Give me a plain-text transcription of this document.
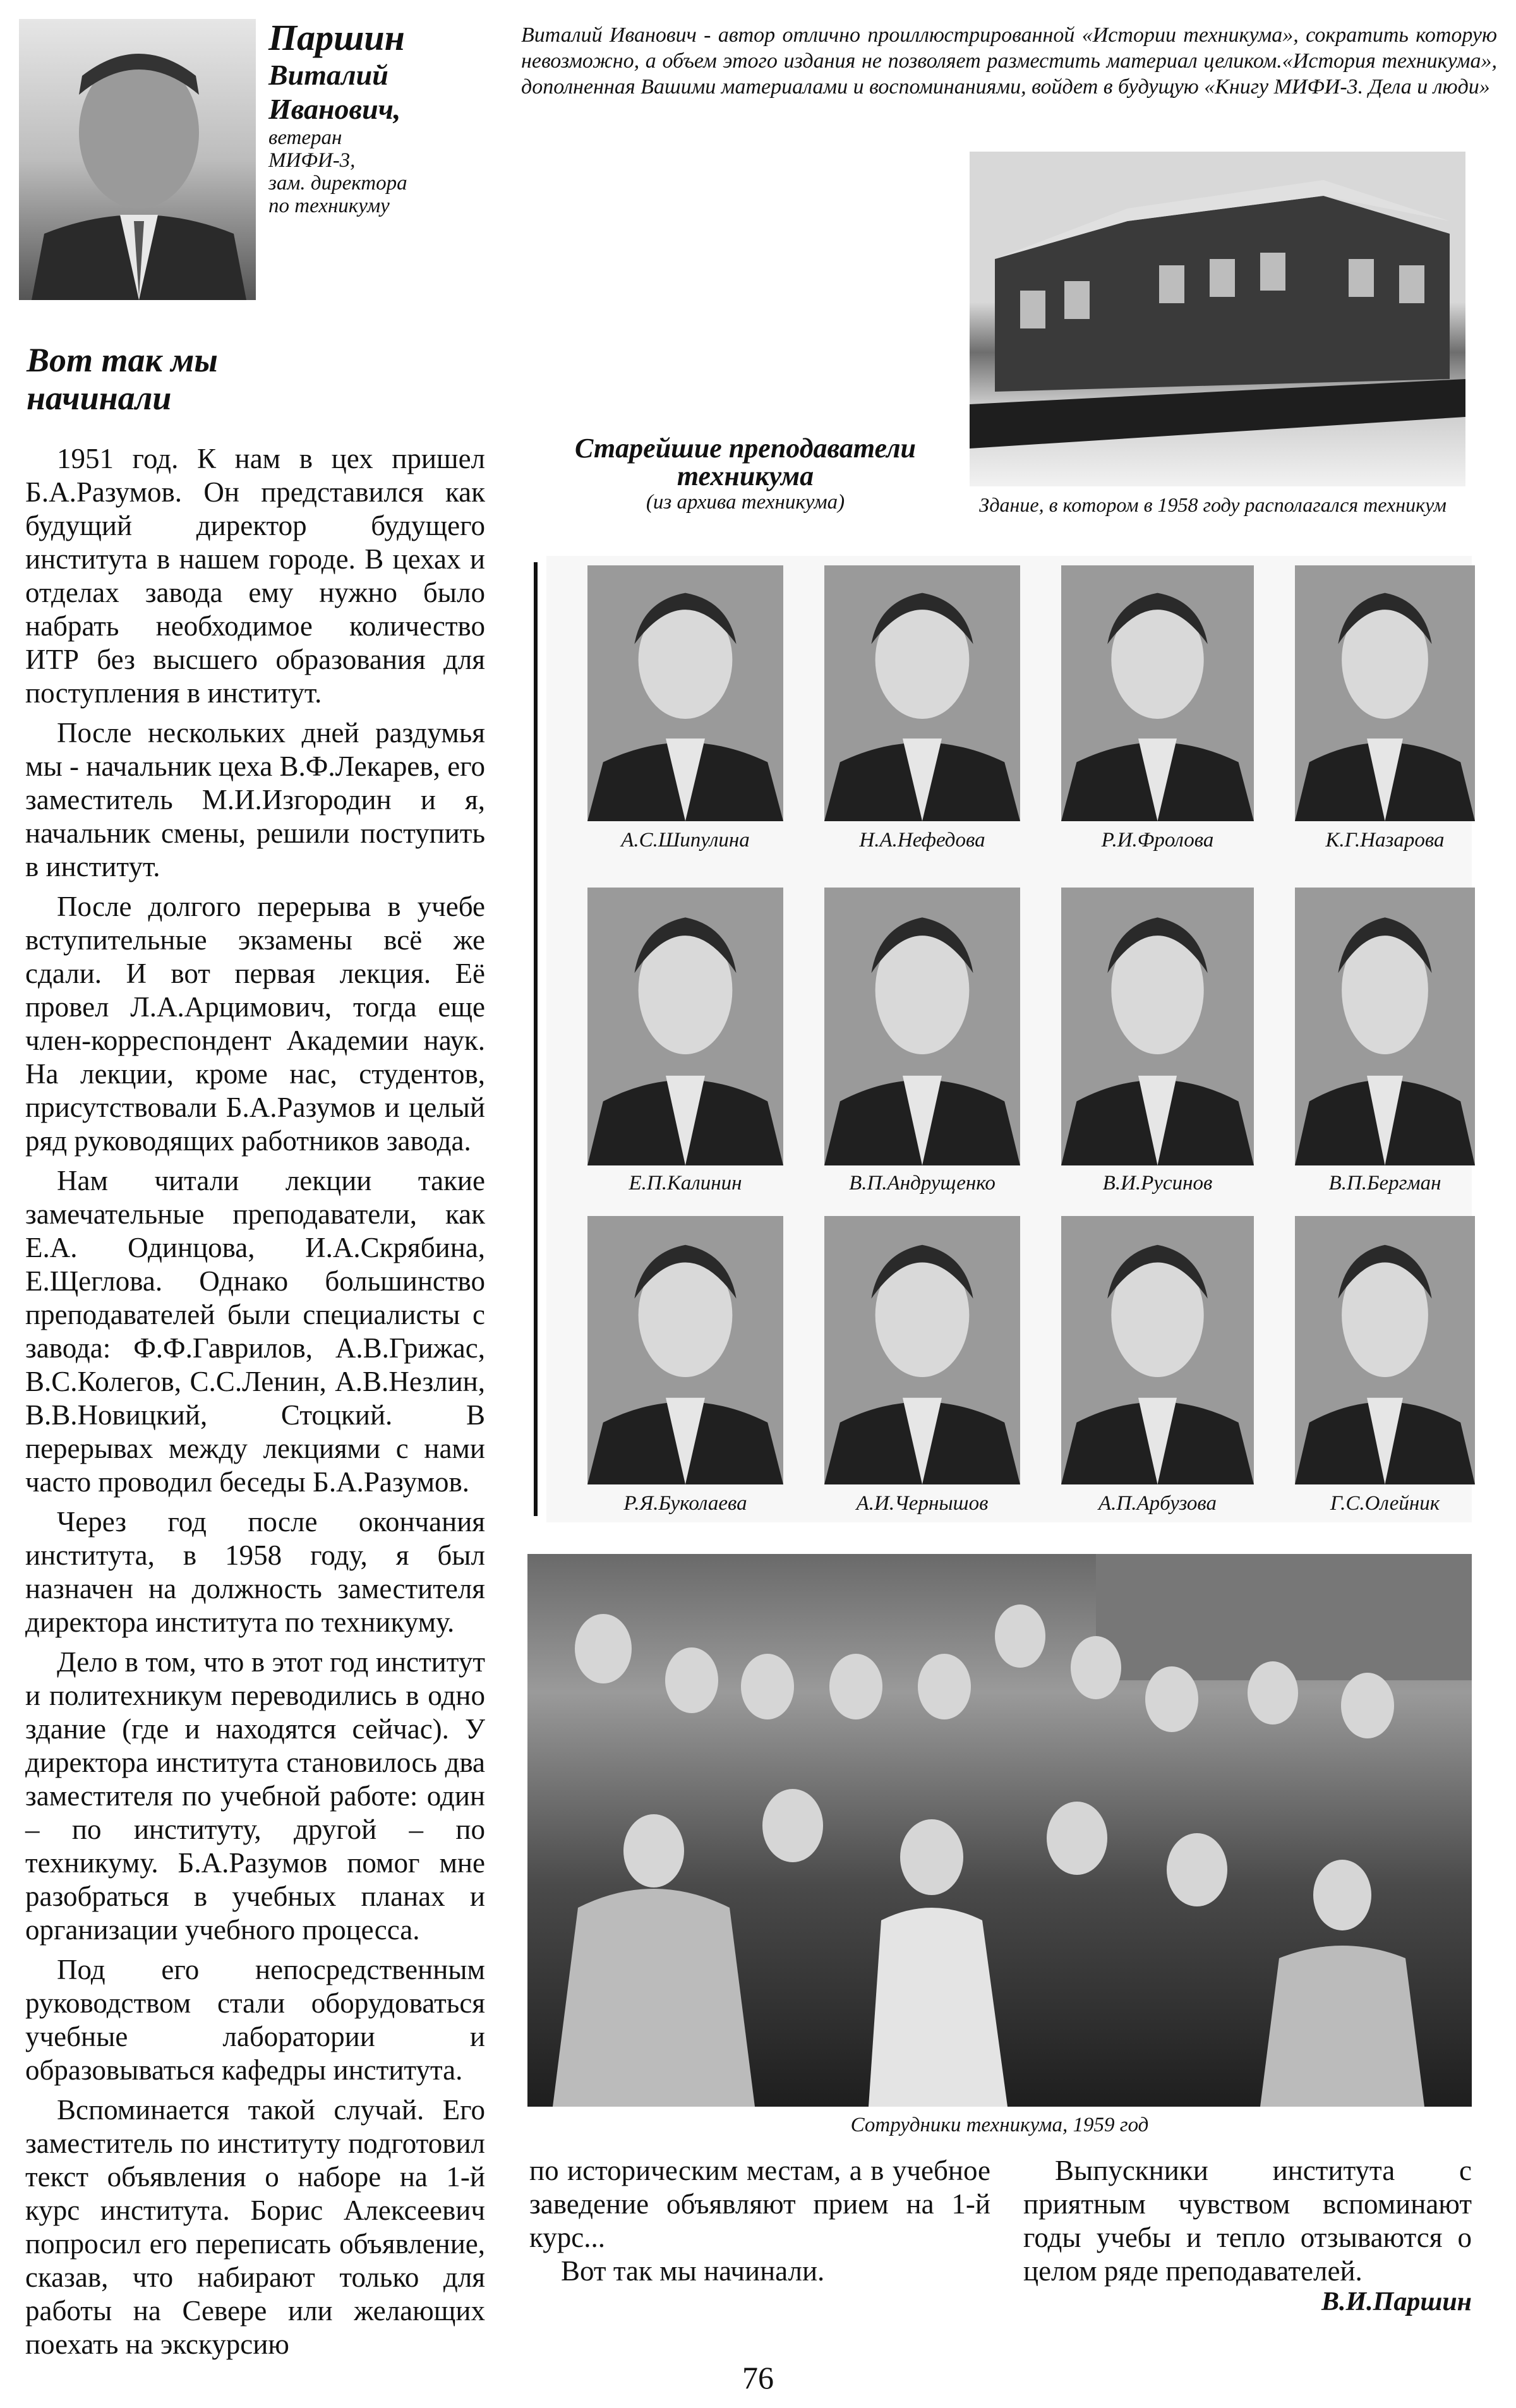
Паршин
Виталий
Иванович,
ветеран
МИФИ-3,
зам. директора
по техникуму
Виталий Иванович - автор отлично проиллюстрированной «Истории техникума», сократить которую невозможно, а объем этого издания не позволяет разместить материал целиком.«История техникума», дополненная Вашими материалами и воспоминаниями, войдет в будущую «Книгу МИФИ-3. Дела и люди»
Вот так мы
начинали

1951 год. К нам в цех пришел Б.А.Разумов. Он представился как будущий директор будущего института в нашем городе. В цехах и отделах завода ему нужно было набрать необходимое количество ИТР без высшего образования для поступления в институт.

После нескольких дней раздумья мы - начальник цеха В.Ф.Лекарев, его заместитель М.И.Изгородин и я, начальник смены, решили поступить в институт.

После долгого перерыва в учебе вступительные экзамены всё же сдали. И вот первая лекция. Её провел Л.А.Арцимович, тогда еще член-корреспондент Академии наук. На лекции, кроме нас, студентов, присутствовали Б.А.Разумов и целый ряд руководящих работников завода.

Нам читали лекции такие замечательные преподаватели, как Е.А. Одинцова, И.А.Скрябина, Е.Щеглова. Однако большинство преподавателей были специалисты с завода: Ф.Ф.Гаврилов, А.В.Грижас, В.С.Колегов, С.С.Ленин, А.В.Незлин, В.В.Новицкий, Стоцкий. В перерывах между лекциями с нами часто проводил беседы Б.А.Разумов.

Через год после окончания института, в 1958 году, я был назначен на должность заместителя директора института по техникуму.

Дело в том, что в этот год институт и политехникум переводились в одно здание (где и находятся сейчас). У директора института становилось два заместителя по учебной работе: один – по институту, другой – по техникуму. Б.А.Разумов помог мне разобраться в учебных планах и организации учебного процесса.

Под его непосредственным руководством стали оборудоваться учебные лаборатории и образовываться кафедры института.

Вспоминается такой случай. Его заместитель по институту подготовил текст объявления о наборе на 1-й курс института. Борис Алексеевич попросил его переписать объявление, сказав, что набирают только для работы на Севере или желающих поехать на экскурсию

Здание, в котором в 1958 году располагался техникум
Старейшие преподаватели
техникума
(из архива техникума)
А.С.Шипулина	Н.А.Нефедова	Р.И.Фролова	К.Г.Назарова
Е.П.Калинин	В.П.Андрущенко	В.И.Русинов	В.П.Бергман
Р.Я.Буколаева	А.И.Чернышов	А.П.Арбузова	Г.С.Олейник
Сотрудники техникума, 1959 год

по историческим местам, а в учебное заведение объявляют прием на 1-й курс...

Вот так мы начинали.

Выпускники института с приятным чувством вспоминают годы учебы и тепло отзываются о целом ряде преподавателей.

В.И.Паршин
76
